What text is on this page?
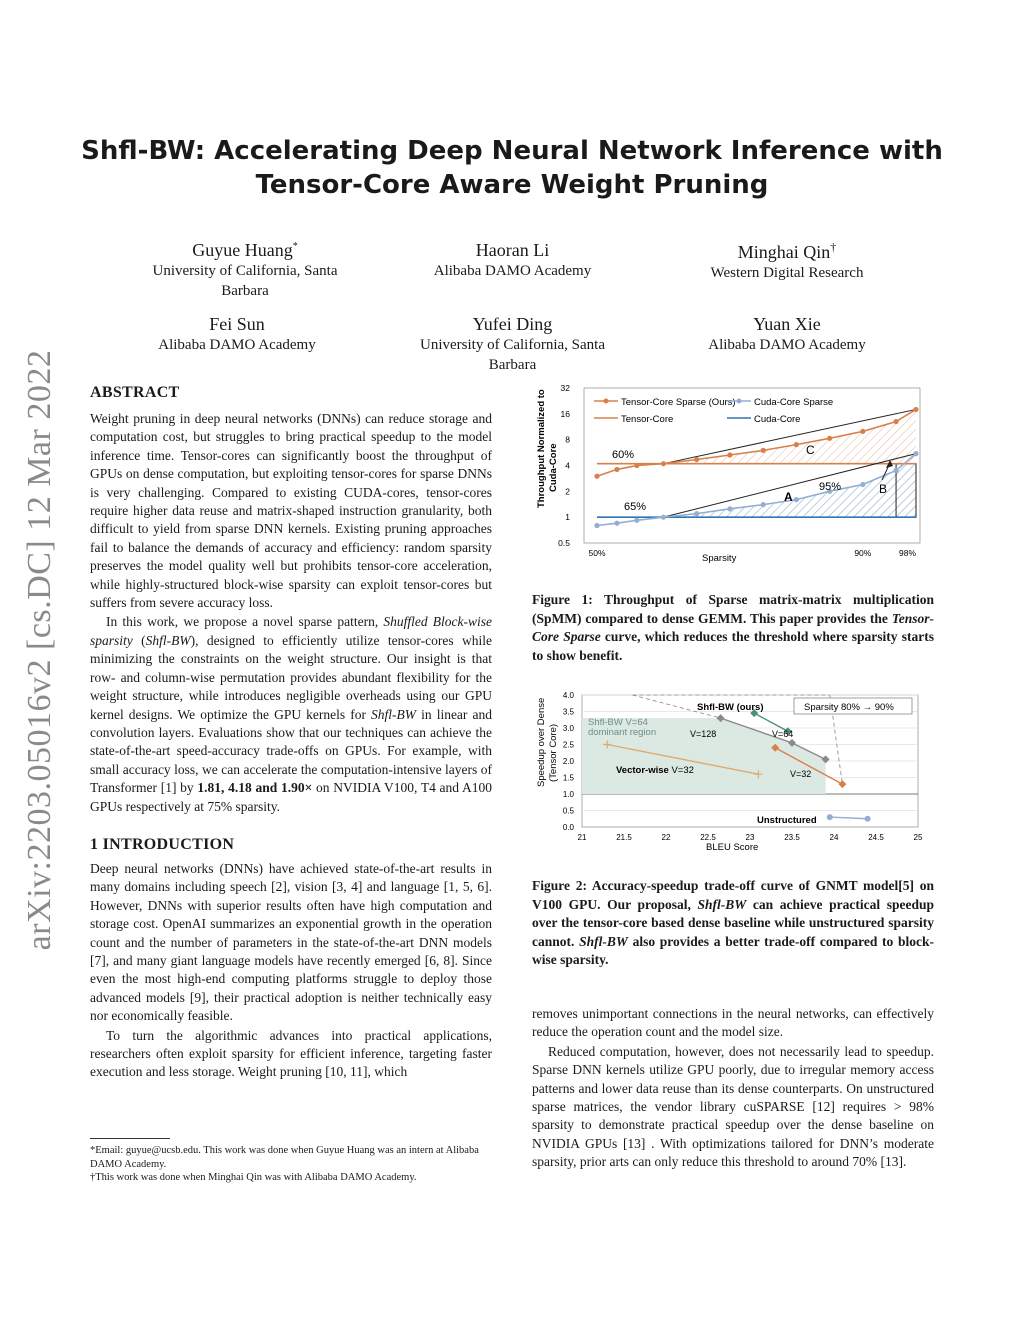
Shfl-BW: Accelerating Deep Neural Network Inference with
Tensor-Core Aware Weight Pruning
arXiv:2203.05016v2 [cs.DC] 12 Mar 2022
Guyue Huang*
University of California, Santa
Barbara
Haoran Li
Alibaba DAMO Academy
Minghai Qin†
Western Digital Research
Fei Sun
Alibaba DAMO Academy
Yufei Ding
University of California, Santa
Barbara
Yuan Xie
Alibaba DAMO Academy
ABSTRACT
Weight pruning in deep neural networks (DNNs) can reduce storage and computation cost, but struggles to bring practical speedup to the model inference time. Tensor-cores can significantly boost the throughput of GPUs on dense computation, but exploiting tensor-cores for sparse DNNs is very challenging. Compared to existing CUDA-cores, tensor-cores require higher data reuse and matrix-shaped instruction granularity, both difficult to yield from sparse DNN kernels. Existing pruning approaches fail to balance the demands of accuracy and efficiency: random sparsity preserves the model quality well but prohibits tensor-core acceleration, while highly-structured block-wise sparsity can exploit tensor-cores but suffers from severe accuracy loss.
In this work, we propose a novel sparse pattern, Shuffled Block-wise sparsity (Shfl-BW), designed to efficiently utilize tensor-cores while minimizing the constraints on the weight structure. Our insight is that row- and column-wise permutation provides abundant flexibility for the weight structure, while introduces negligible overheads using our GPU kernel designs. We optimize the GPU kernels for Shfl-BW in linear and convolution layers. Evaluations show that our techniques can achieve the state-of-the-art speed-accuracy trade-offs on GPUs. For example, with small accuracy loss, we can accelerate the computation-intensive layers of Transformer [1] by 1.81, 4.18 and 1.90× on NVIDIA V100, T4 and A100 GPUs respectively at 75% sparsity.
1 INTRODUCTION
Deep neural networks (DNNs) have achieved state-of-the-art results in many domains including speech [2], vision [3, 4] and language [1, 5, 6]. However, DNNs with superior results often have high computation and storage cost. OpenAI summarizes an exponential growth in the operation count and the number of parameters in the state-of-the-art DNN models [7], and many giant language models have recently emerged [6, 8]. Since even the most high-end computing platforms struggle to deploy those advanced models [9], their practical adoption is neither technically easy nor economically feasible.
To turn the algorithmic advances into practical applications, researchers often exploit sparsity for efficient inference, targeting faster execution and less storage. Weight pruning [10, 11], which
*Email: guyue@ucsb.edu. This work was done when Guyue Huang was an intern at Alibaba DAMO Academy.
†This work was done when Minghai Qin was with Alibaba DAMO Academy.
32
16
8
4
2
1
0.5
50%	90%	98%
Throughput Normalized to Cuda-Core
Sparsity
Tensor-Core Sparse (Ours) Cuda-Core Sparse
Tensor-Core	Cuda-Core
60%
65%
95%
A
B
C
Figure 1: Throughput of Sparse matrix-matrix multiplication (SpMM) compared to dense GEMM. This paper provides the Tensor-Core Sparse curve, which reduces the threshold where sparsity starts to show benefit.
4.0
3.5
3.0
2.5
2.0
1.5
1.0
0.5
0.0
21	21.5	22	22.5	23	23.5	24	24.5	25
Speedup over Dense (Tensor Core)
BLEU Score
Shfl-BW (ours)	Sparsity 80% → 90%
Shfl-BW V=64
dominant region	V=128	V=64
V=32
Vector-wise V=32
Unstructured
Figure 2: Accuracy-speedup trade-off curve of GNMT model[5] on V100 GPU. Our proposal, Shfl-BW can achieve practical speedup over the tensor-core based dense baseline while unstructured sparsity cannot. Shfl-BW also provides a better trade-off compared to block-wise sparsity.
removes unimportant connections in the neural networks, can effectively reduce the operation count and the model size.
Reduced computation, however, does not necessarily lead to speedup. Sparse DNN kernels utilize GPU poorly, due to irregular memory access patterns and lower data reuse than its dense counterparts. On unstructured sparse matrices, the vendor library cuSPARSE [12] requires > 98% sparsity to demonstrate practical speedup over the dense baseline on NVIDIA GPUs [13] . With optimizations tailored for DNN’s moderate sparsity, prior arts can only reduce this threshold to around 70% [13].
